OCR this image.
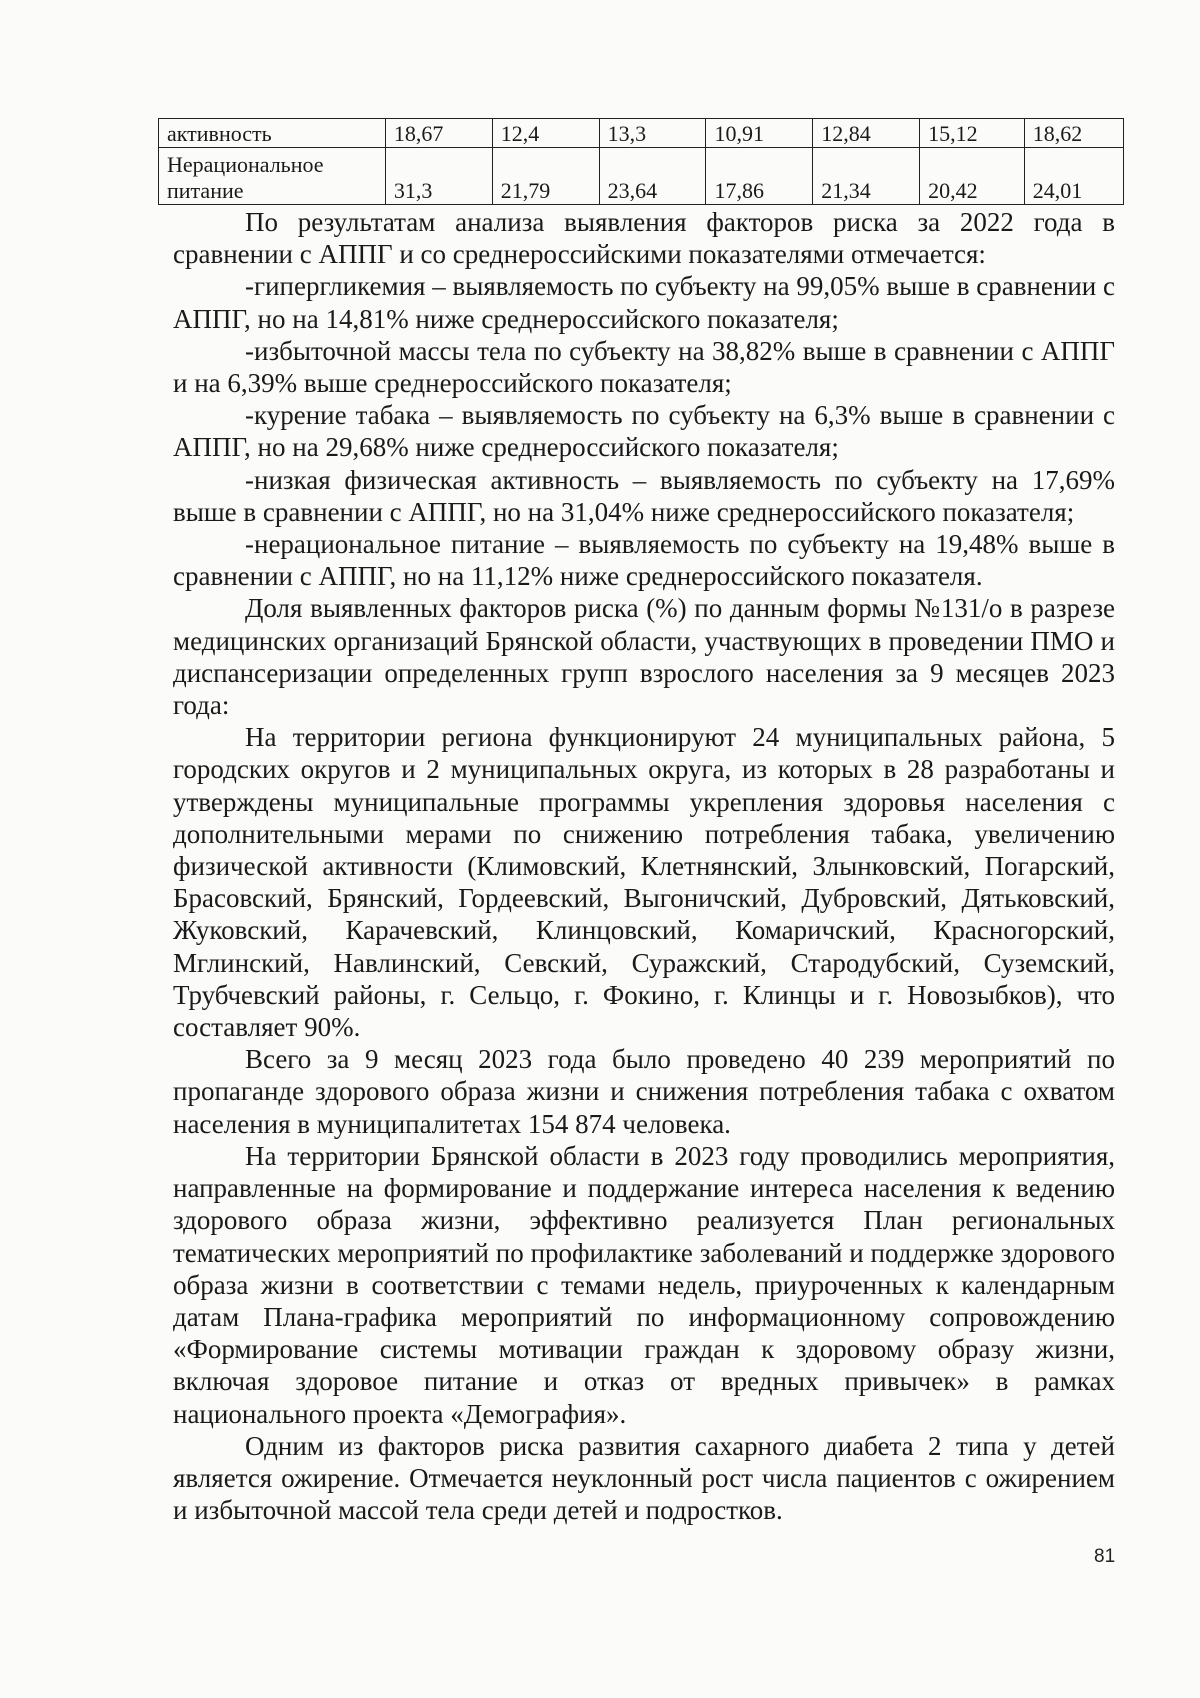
активность	18,67	12,4	13,3	10,91	12,84	15,12	18,62
Нерациональное питание	31,3	21,79	23,64	17,86	21,34	20,42	24,01

По результатам анализа выявления факторов риска за 2022 года в сравнении с АППГ и со среднероссийскими показателями отмечается:

-гипергликемия – выявляемость по субъекту на 99,05% выше в сравнении с АППГ, но на 14,81% ниже среднероссийского показателя;

-избыточной массы тела по субъекту на 38,82% выше в сравнении с АППГ и на 6,39% выше среднероссийского показателя;

-курение табака – выявляемость по субъекту на 6,3% выше в сравнении с АППГ, но на 29,68% ниже среднероссийского показателя;

-низкая физическая активность – выявляемость по субъекту на 17,69% выше в сравнении с АППГ, но на 31,04% ниже среднероссийского показателя;

-нерациональное питание – выявляемость по субъекту на 19,48% выше в сравнении с АППГ, но на 11,12% ниже среднероссийского показателя.

Доля выявленных факторов риска (%) по данным формы №131/о в разрезе медицинских организаций Брянской области, участвующих в проведении ПМО и диспансеризации определенных групп взрослого населения за 9 месяцев 2023 года:

На территории региона функционируют 24 муниципальных района, 5 городских округов и 2 муниципальных округа, из которых в 28 разработаны и утверждены муниципальные программы укрепления здоровья населения с дополнительными мерами по снижению потребления табака, увеличению физической активности (Климовский, Клетнянский, Злынковский, Погарский, Брасовский, Брянский, Гордеевский, Выгоничский, Дубровский, Дятьковский, Жуковский, Карачевский, Клинцовский, Комаричский, Красногорский, Мглинский, Навлинский, Севский, Суражский, Стародубский, Суземский, Трубчевский районы, г. Сельцо, г. Фокино, г. Клинцы и г. Новозыбков), что составляет 90%.

Всего за 9 месяц 2023 года было проведено 40 239 мероприятий по пропаганде здорового образа жизни и снижения потребления табака с охватом населения в муниципалитетах 154 874 человека.

На территории Брянской области в 2023 году проводились мероприятия, направленные на формирование и поддержание интереса населения к ведению здорового образа жизни, эффективно реализуется План региональных тематических мероприятий по профилактике заболеваний и поддержке здорового образа жизни в соответствии с темами недель, приуроченных к календарным датам Плана-графика мероприятий по информационному сопровождению «Формирование системы мотивации граждан к здоровому образу жизни, включая здоровое питание и отказ от вредных привычек» в рамках национального проекта «Демография».

Одним из факторов риска развития сахарного диабета 2 типа у детей является ожирение. Отмечается неуклонный рост числа пациентов с ожирением и избыточной массой тела среди детей и подростков.

81
